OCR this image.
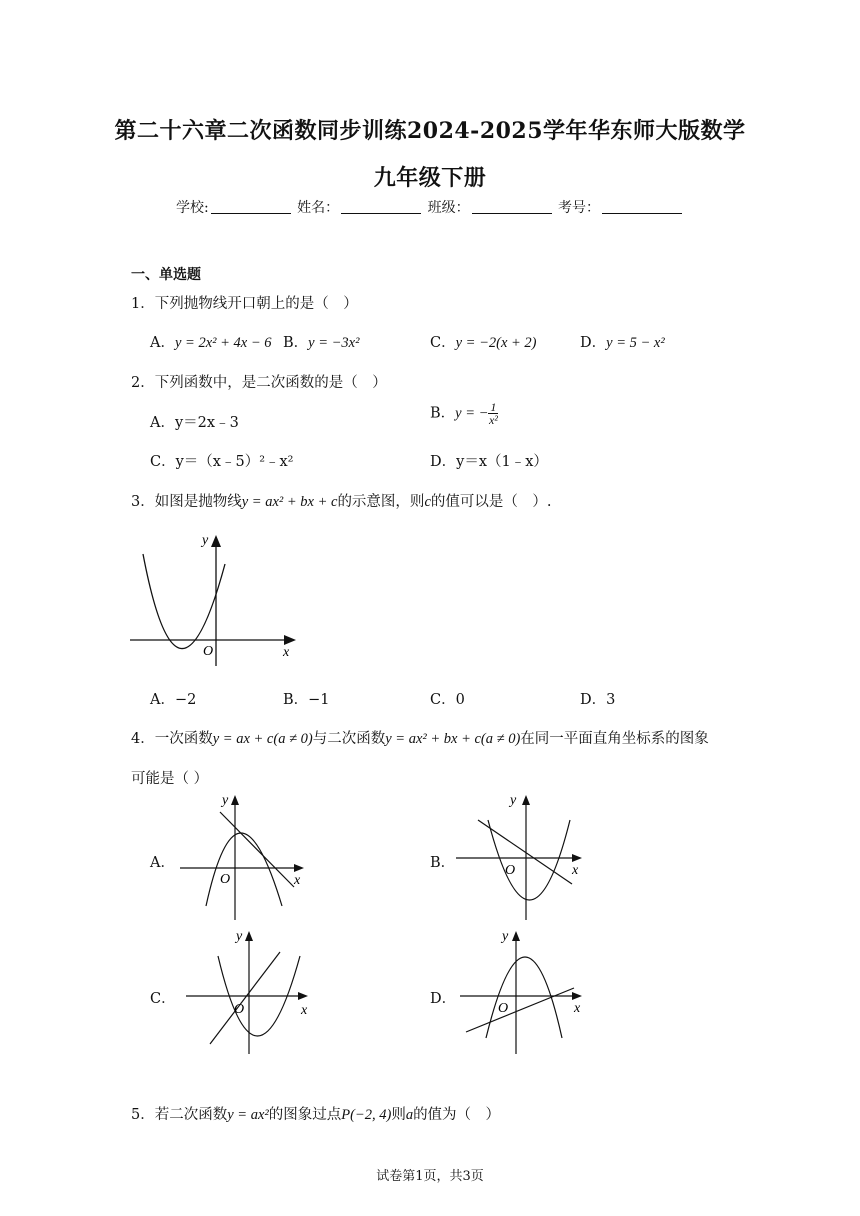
第二十六章二次函数同步训练2024-2025学年华东师大版数学
九年级下册
学校:	姓名：	班级：	考号：
一、单选题
1．下列抛物线开口朝上的是（　）
A．y = 2x² + 4x − 6 B．y = −3x²	C．y = −2(x + 2)	D．y = 5 − x²
2．下列函数中，是二次函数的是（　）
A．y＝2x﹣3
B．y = − $\frac{1}{\text{x²}}$
C．y＝（x﹣5）²﹣x²	D．y＝x（1﹣x）
3．如图是抛物线y = ax² + bx + c的示意图，则c的值可以是（　）.
y
x
O
A．−2	B．−1	C．0	D．3
4．一次函数y = ax + c(a ≠ 0)与二次函数y = ax² + bx + c(a ≠ 0)在同一平面直角坐标系的图象
可能是（ ）
A．
y
x
O
B．
y
x
O
C．
y
x
O
D．
y
x
O
5．若二次函数y = ax²的图象过点P(−2, 4)则a的值为（　）
试卷第1页，共3页
